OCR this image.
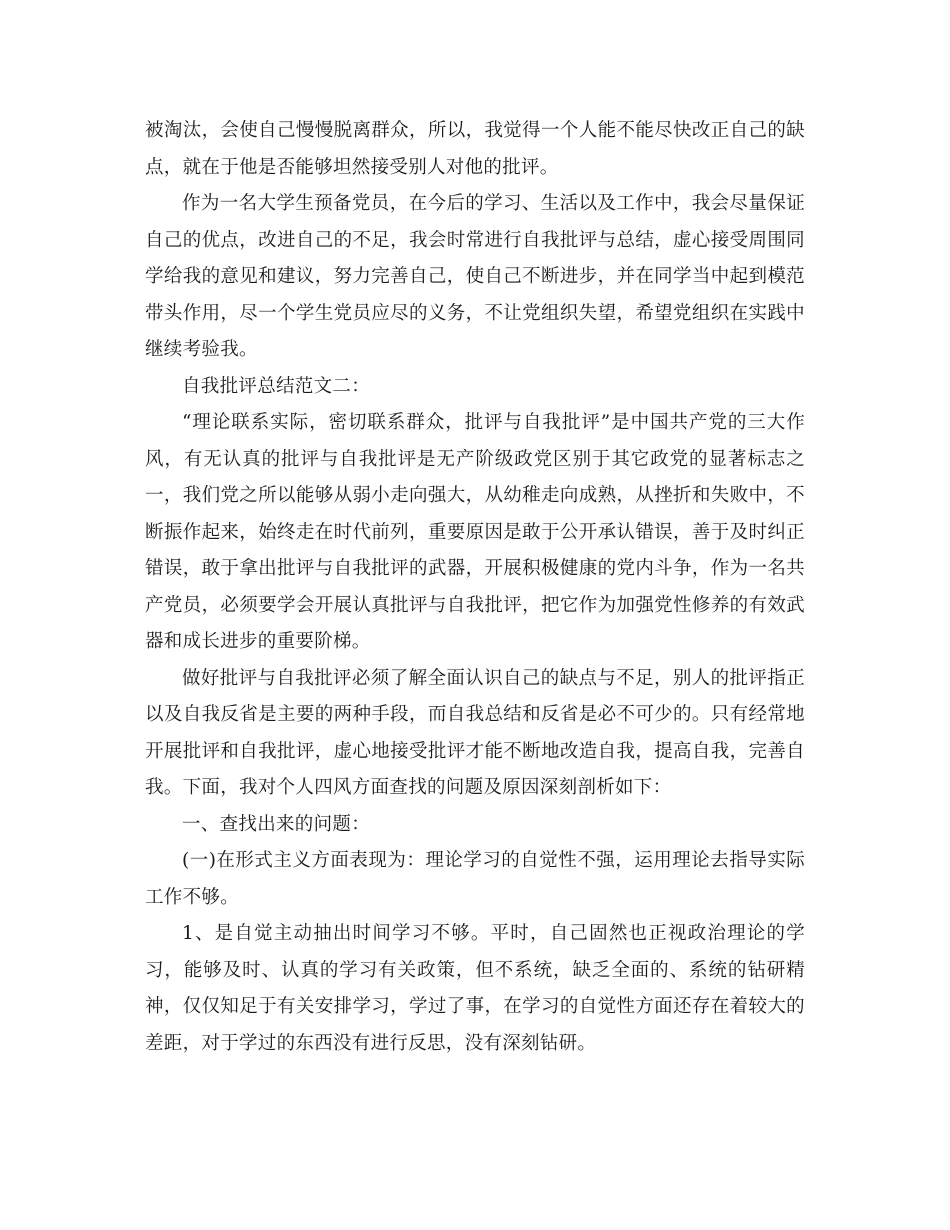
被淘汰，会使自己慢慢脱离群众，所以，我觉得一个人能不能尽快改正自己的缺点，就在于他是否能够坦然接受别人对他的批评。

作为一名大学生预备党员，在今后的学习、生活以及工作中，我会尽量保证自己的优点，改进自己的不足，我会时常进行自我批评与总结，虚心接受周围同学给我的意见和建议，努力完善自己，使自己不断进步，并在同学当中起到模范带头作用，尽一个学生党员应尽的义务，不让党组织失望，希望党组织在实践中继续考验我。

自我批评总结范文二：

“理论联系实际，密切联系群众，批评与自我批评”是中国共产党的三大作风，有无认真的批评与自我批评是无产阶级政党区别于其它政党的显著标志之一，我们党之所以能够从弱小走向强大，从幼稚走向成熟，从挫折和失败中，不断振作起来，始终走在时代前列，重要原因是敢于公开承认错误，善于及时纠正错误，敢于拿出批评与自我批评的武器，开展积极健康的党内斗争，作为一名共产党员，必须要学会开展认真批评与自我批评，把它作为加强党性修养的有效武器和成长进步的重要阶梯。

做好批评与自我批评必须了解全面认识自己的缺点与不足，别人的批评指正以及自我反省是主要的两种手段，而自我总结和反省是必不可少的。只有经常地开展批评和自我批评，虚心地接受批评才能不断地改造自我，提高自我，完善自我。下面，我对个人四风方面查找的问题及原因深刻剖析如下：

一、查找出来的问题：

(一)在形式主义方面表现为：理论学习的自觉性不强，运用理论去指导实际工作不够。

1、是自觉主动抽出时间学习不够。平时，自己固然也正视政治理论的学习，能够及时、认真的学习有关政策，但不系统，缺乏全面的、系统的钻研精神，仅仅知足于有关安排学习，学过了事，在学习的自觉性方面还存在着较大的差距，对于学过的东西没有进行反思，没有深刻钻研。
